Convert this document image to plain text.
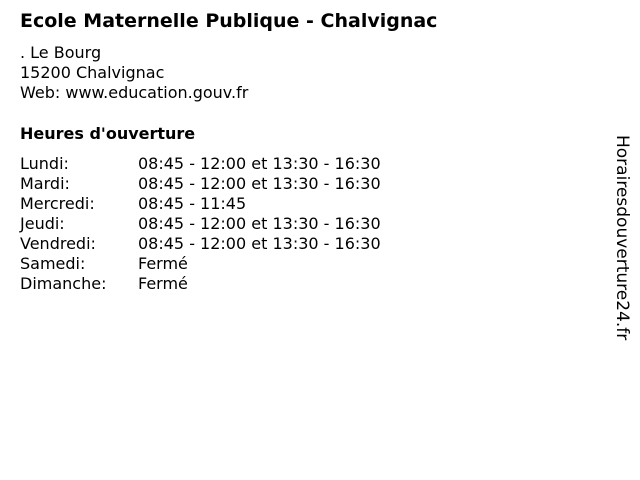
Ecole Maternelle Publique - Chalvignac
. Le Bourg
15200 Chalvignac
Web: www.education.gouv.fr
Heures d'ouverture
Lundi:	08:45 - 12:00 et 13:30 - 16:30
Mardi:	08:45 - 12:00 et 13:30 - 16:30
Mercredi:	08:45 - 11:45
Jeudi:	08:45 - 12:00 et 13:30 - 16:30
Vendredi:	08:45 - 12:00 et 13:30 - 16:30
Samedi:	Fermé
Dimanche:	Fermé	Horairesdouverture24.fr
